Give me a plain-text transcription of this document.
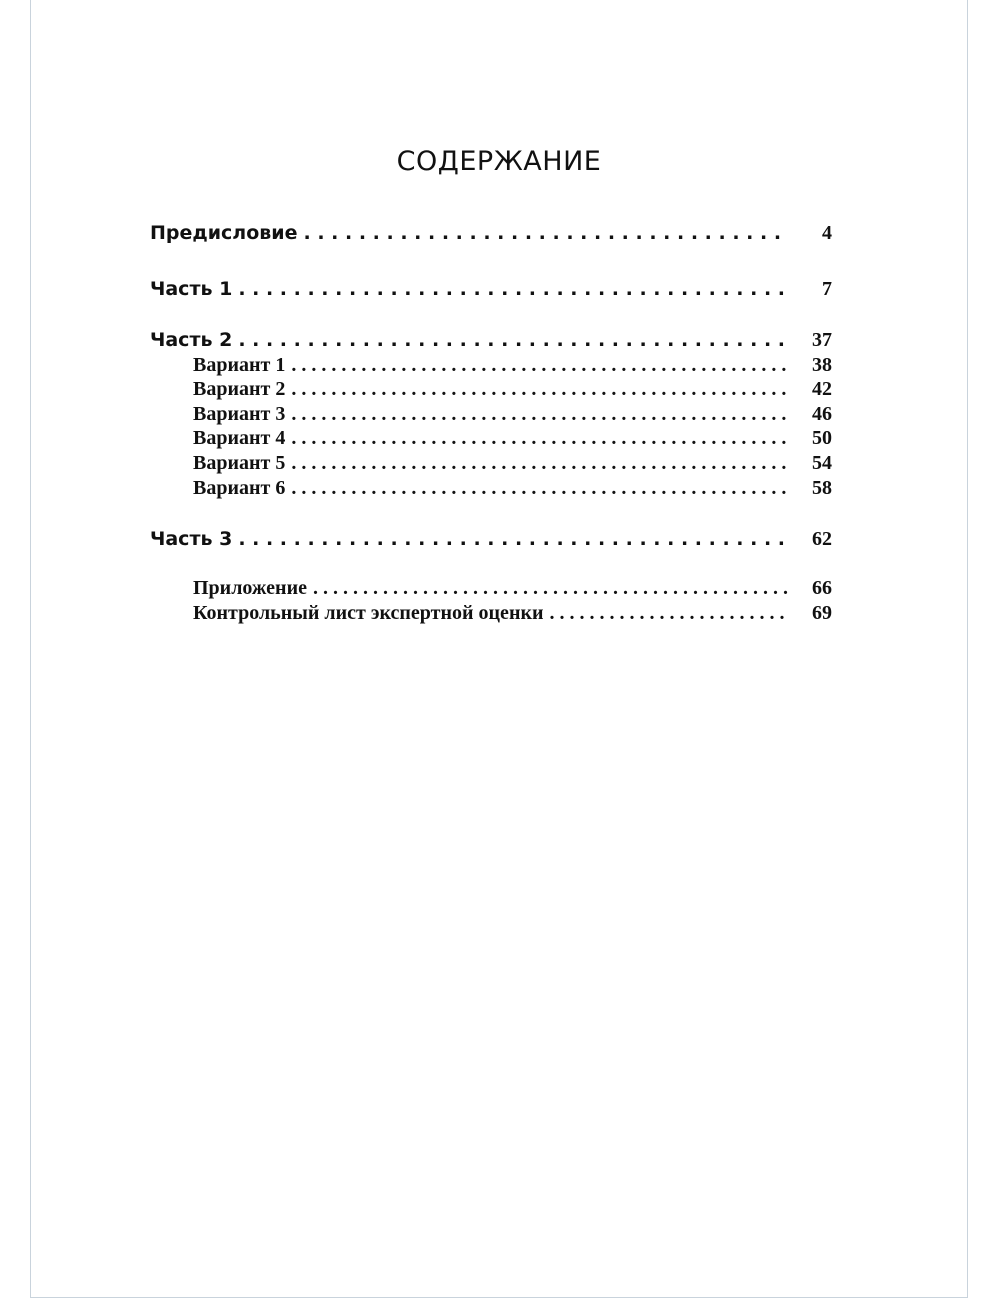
СОДЕРЖАНИЕ
Предисловие . . .	4
Часть 1 . . .	7
Часть 2 . . .	37
Вариант 1 . . .	38
Вариант 2 . . .	42
Вариант 3 . . .	46
Вариант 4 . . .	50
Вариант 5 . . .	54
Вариант 6 . . .	58
Часть 3 . . .	62
Приложение . . .	66
Контрольный лист экспертной оценки . . .	69
